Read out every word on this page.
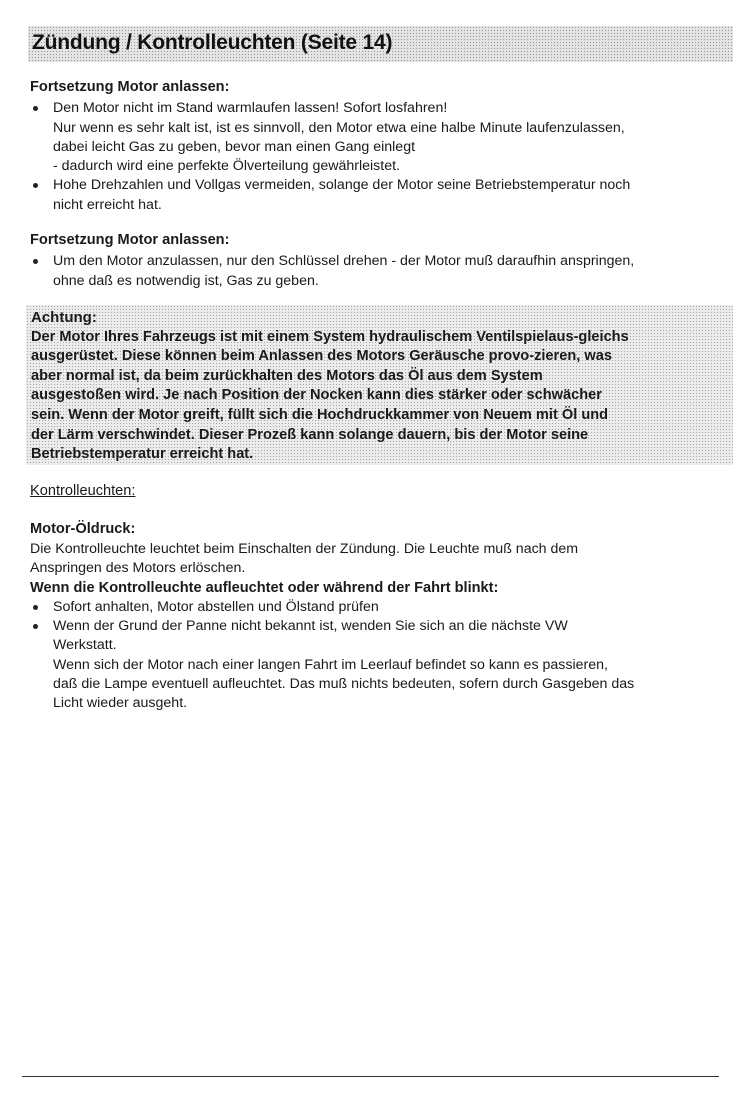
Zündung / Kontrolleuchten (Seite 14)

Fortsetzung Motor anlassen:

Den Motor nicht im Stand warmlaufen lassen! Sofort losfahren!
Nur wenn es sehr kalt ist, ist es sinnvoll, den Motor etwa eine halbe Minute laufenzulassen,
dabei leicht Gas zu geben, bevor man einen Gang einlegt
- dadurch wird eine perfekte Ölverteilung gewährleistet.
Hohe Drehzahlen und Vollgas vermeiden, solange der Motor seine Betriebstemperatur noch
nicht erreicht hat.

Fortsetzung Motor anlassen:

Um den Motor anzulassen, nur den Schlüssel drehen - der Motor muß daraufhin anspringen,
ohne daß es notwendig ist, Gas zu geben.

Achtung:

Der Motor Ihres Fahrzeugs ist mit einem System hydraulischem Ventilspielaus-gleichs
ausgerüstet. Diese können beim Anlassen des Motors Geräusche provo-zieren, was
aber normal ist, da beim zurückhalten des Motors das Öl aus dem System
ausgestoßen wird. Je nach Position der Nocken kann dies stärker oder schwächer
sein. Wenn der Motor greift, füllt sich die Hochdruckkammer von Neuem mit Öl und
der Lärm verschwindet. Dieser Prozeß kann solange dauern, bis der Motor seine
Betriebstemperatur erreicht hat.

Kontrolleuchten:

Motor-Öldruck:

Die Kontrolleuchte leuchtet beim Einschalten der Zündung. Die Leuchte muß nach dem
Anspringen des Motors erlöschen.
Wenn die Kontrolleuchte aufleuchtet oder während der Fahrt blinkt:
Sofort anhalten, Motor abstellen und Ölstand prüfen
Wenn der Grund der Panne nicht bekannt ist, wenden Sie sich an die nächste VW
Werkstatt.
Wenn sich der Motor nach einer langen Fahrt im Leerlauf befindet so kann es passieren,
daß die Lampe eventuell aufleuchtet. Das muß nichts bedeuten, sofern durch Gasgeben das
Licht wieder ausgeht.
